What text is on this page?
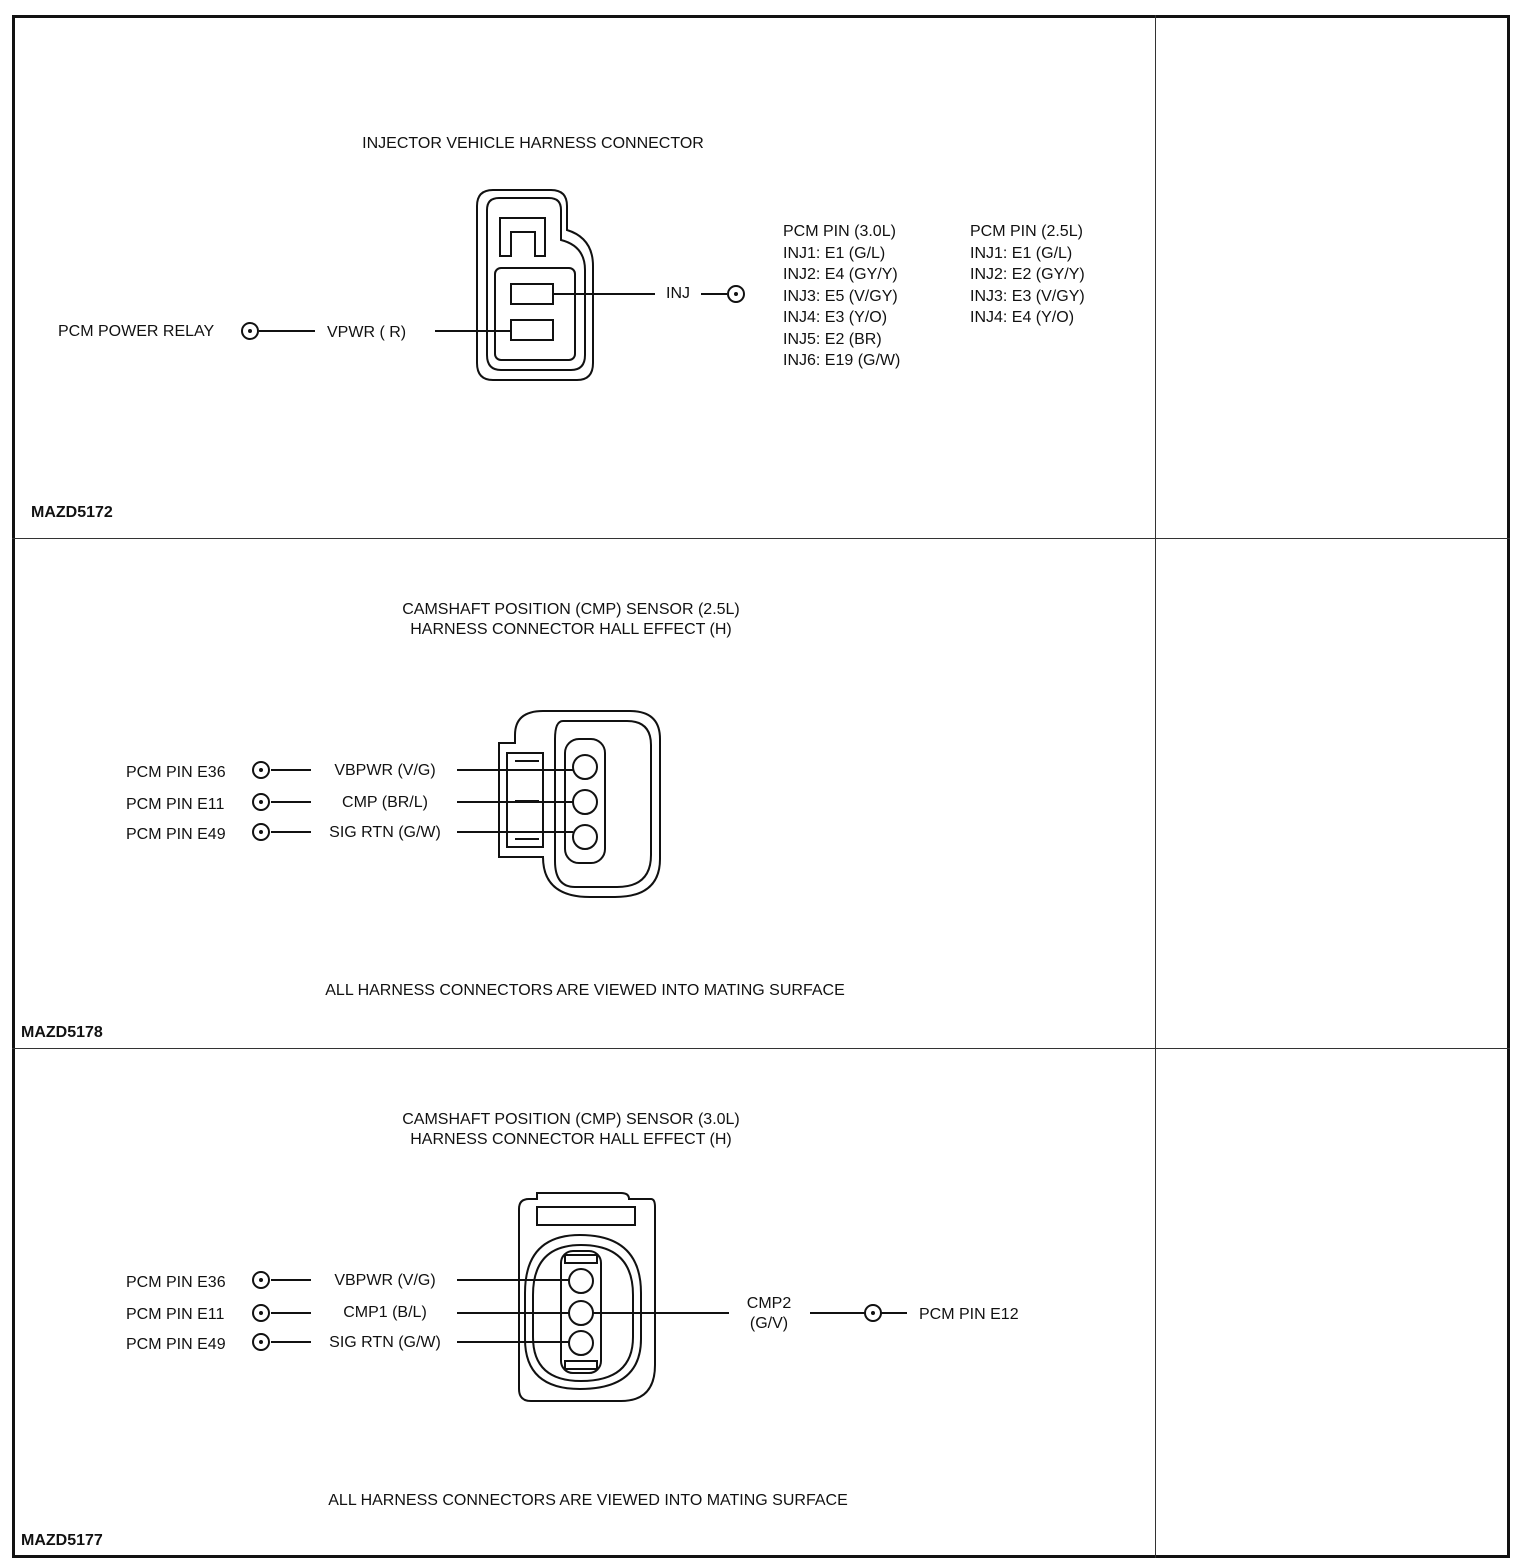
INJECTOR VEHICLE HARNESS CONNECTOR
PCM POWER RELAY	VPWR ( R)
INJ
PCM PIN (3.0L)
INJ1: E1 (G/L)
INJ2: E4 (GY/Y)
INJ3: E5 (V/GY)
INJ4: E3 (Y/O)
INJ5: E2 (BR)
INJ6: E19 (G/W)
PCM PIN (2.5L)
INJ1: E1 (G/L)
INJ2: E2 (GY/Y)
INJ3: E3 (V/GY)
INJ4: E4 (Y/O)
MAZD5172
CAMSHAFT POSITION (CMP) SENSOR (2.5L)
HARNESS CONNECTOR HALL EFFECT (H)
PCM PIN E36
PCM PIN E11
PCM PIN E49
VBPWR (V/G)
CMP (BR/L)
SIG RTN (G/W)
ALL HARNESS CONNECTORS ARE VIEWED INTO MATING SURFACE
MAZD5178
CAMSHAFT POSITION (CMP) SENSOR (3.0L)
HARNESS CONNECTOR HALL EFFECT (H)
PCM PIN E36
PCM PIN E11
PCM PIN E49
VBPWR (V/G)
CMP1 (B/L)
SIG RTN (G/W)
CMP2
(G/V)
PCM PIN E12
ALL HARNESS CONNECTORS ARE VIEWED INTO MATING SURFACE
MAZD5177
